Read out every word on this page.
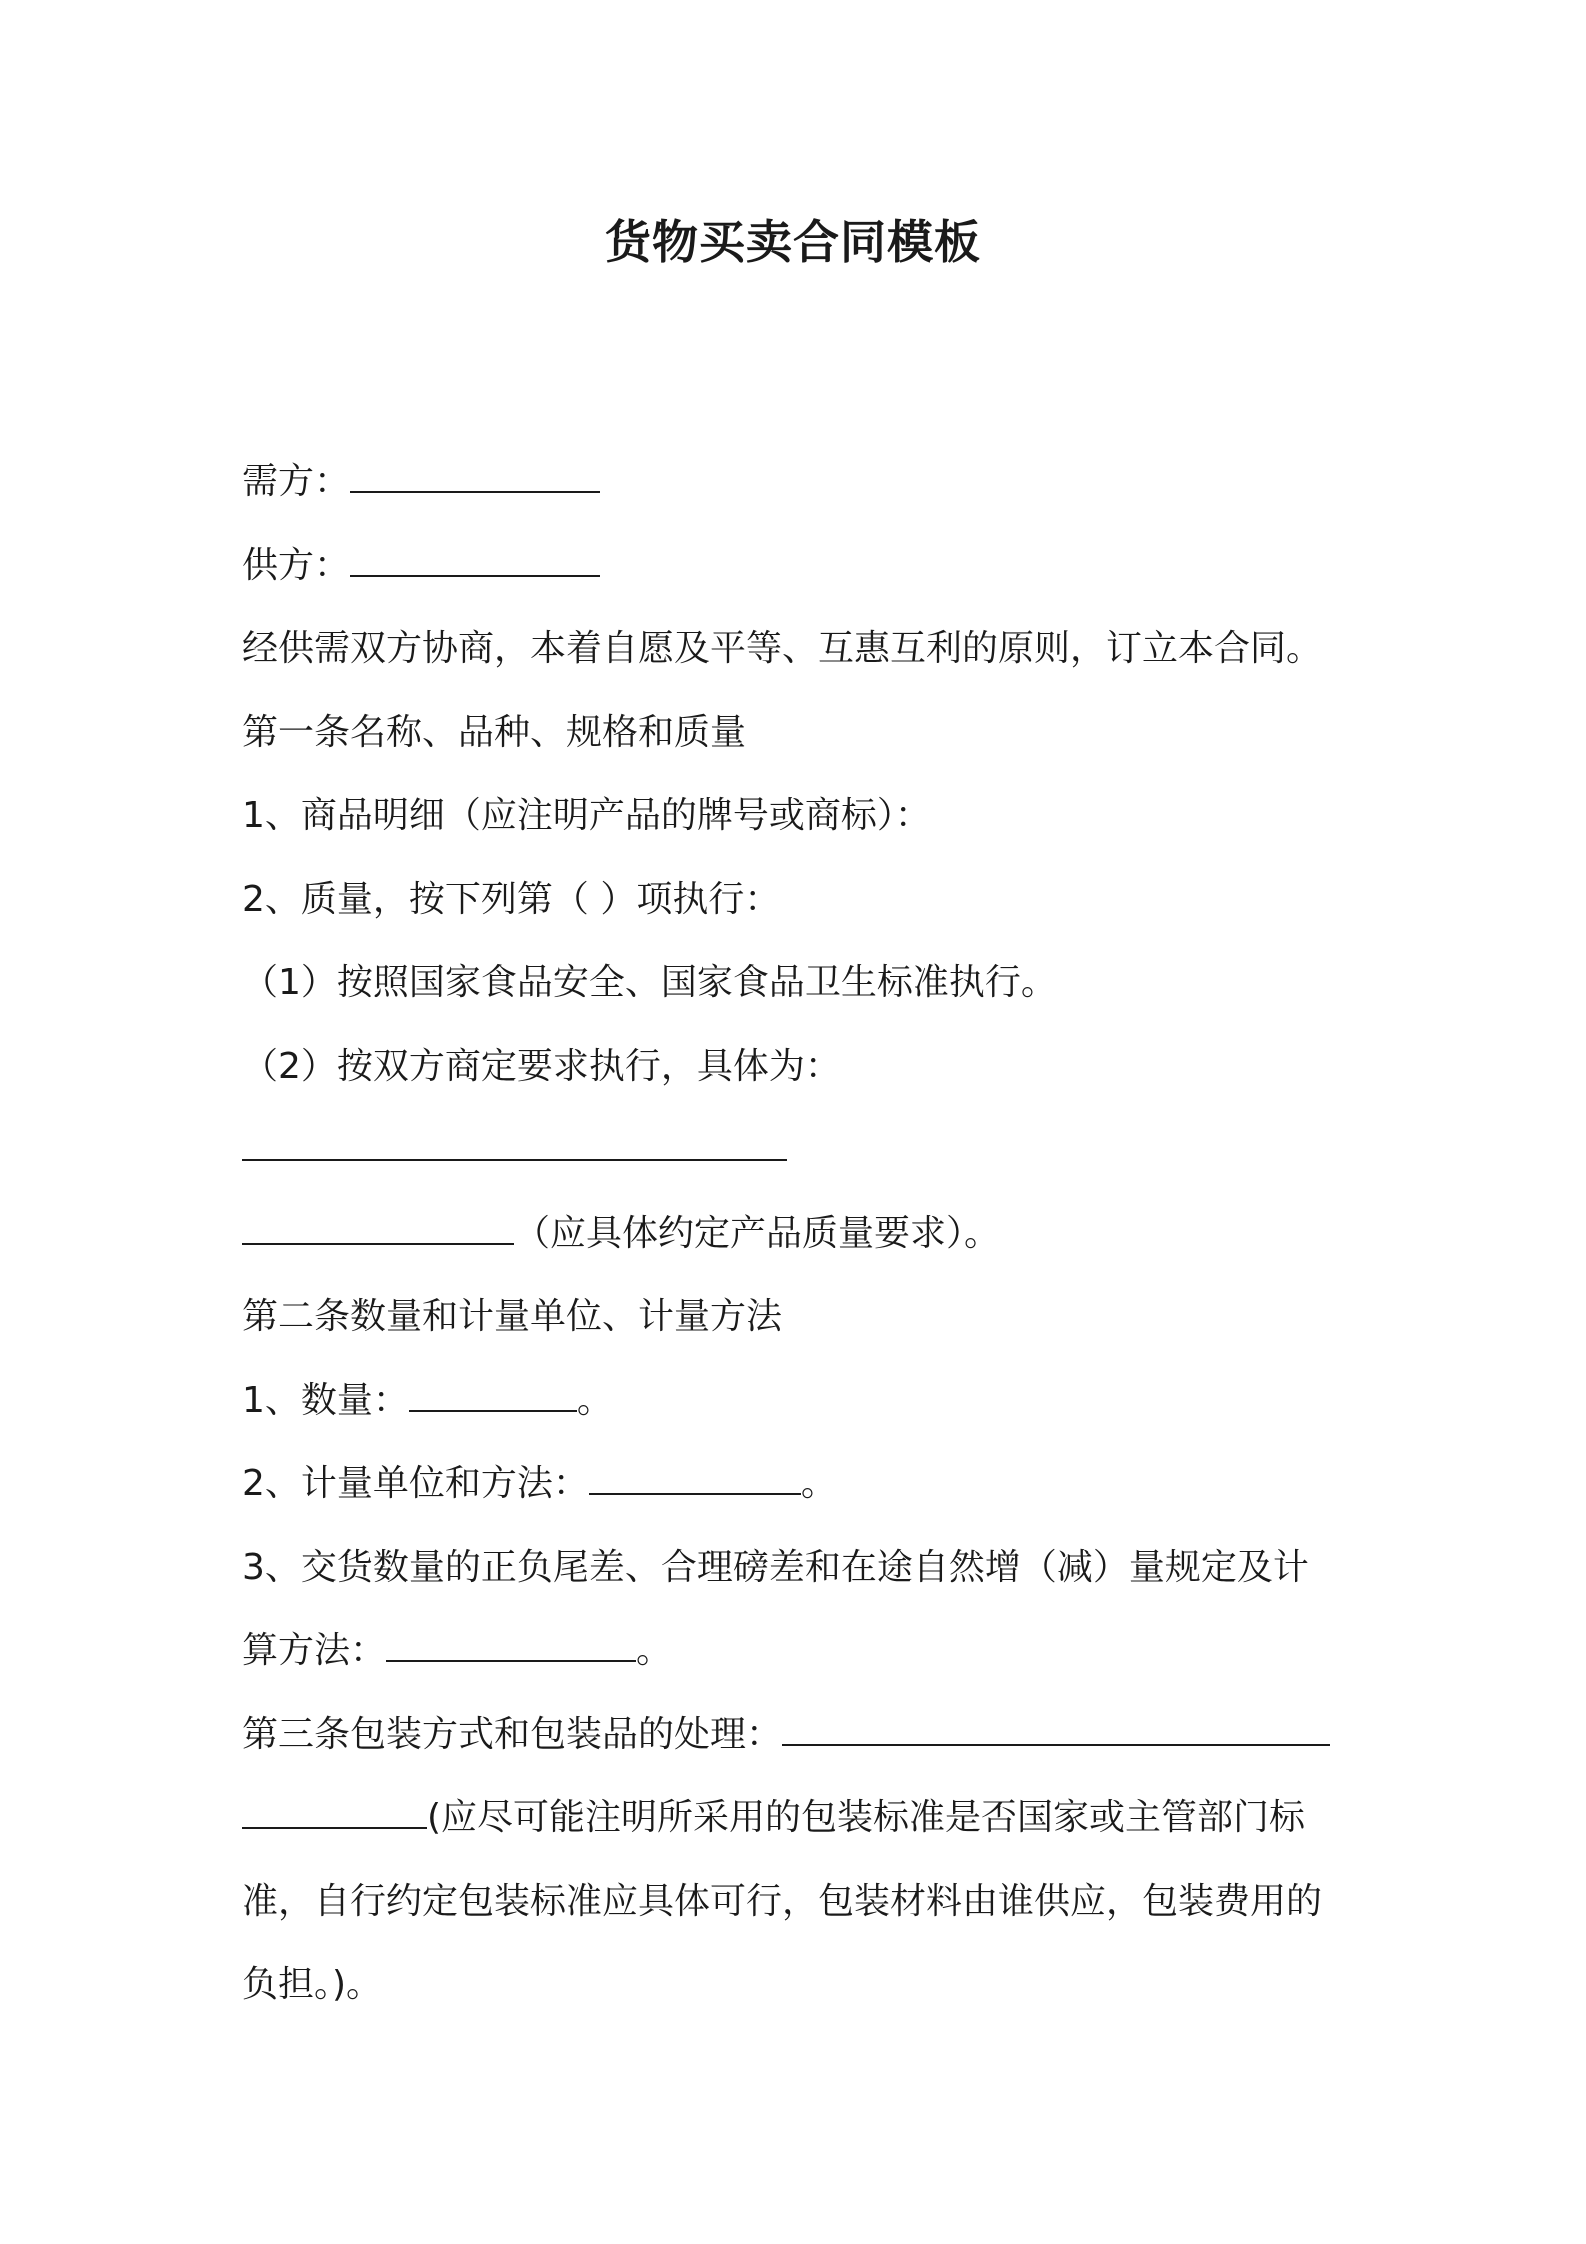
货物买卖合同模板
需方：
供方：
经供需双方协商，本着自愿及平等、互惠互利的原则，订立本合同。
第一条名称、品种、规格和质量
1、商品明细（应注明产品的牌号或商标）：
2、质量，按下列第（ ）项执行：
（1）按照国家食品安全、国家食品卫生标准执行。
（2）按双方商定要求执行，具体为：
（应具体约定产品质量要求）。
第二条数量和计量单位、计量方法
1、数量：	。
2、计量单位和方法：	。
3、交货数量的正负尾差、合理磅差和在途自然增（减）量规定及计
算方法：	。
第三条包装方式和包装品的处理：
(应尽可能注明所采用的包装标准是否国家或主管部门标
准，自行约定包装标准应具体可行，包装材料由谁供应，包装费用的
负担。)。
